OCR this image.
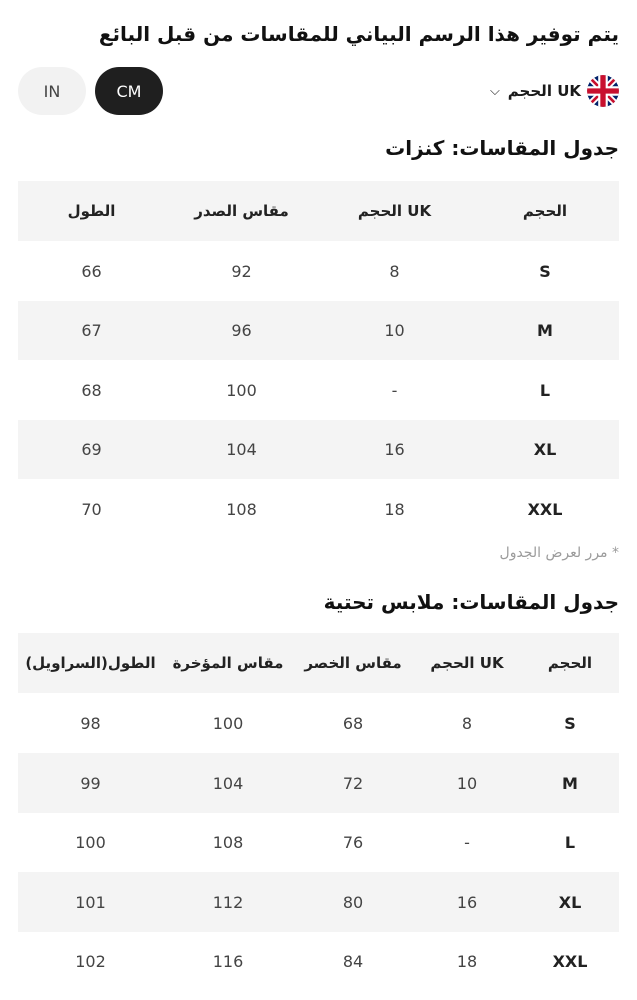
يتم توفير هذا الرسم البياني للمقاسات من قبل البائع
IN	CM	⌵ UK الحجم
جدول المقاسات: كنزات
الطول	مقاس الصدر	UK الحجم	الحجم
66	92	8	S
67	96	10	M
68	100	-	L
69	104	16	XL
70	108	18	XXL
* مرر لعرض الجدول
جدول المقاسات: ملابس تحتية
الطول(السراويل)	مقاس المؤخرة	مقاس الخصر	UK الحجم	الحجم
98	100	68	8	S
99	104	72	10	M
100	108	76	-	L
101	112	80	16	XL
102	116	84	18	XXL
